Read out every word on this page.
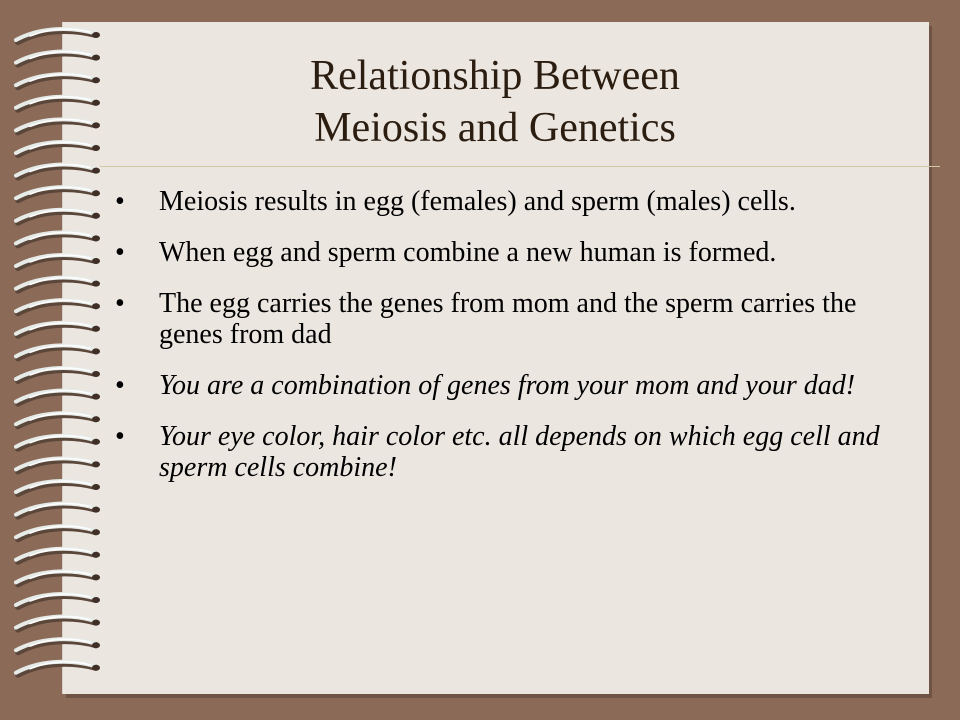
Relationship Between
Meiosis and Genetics
• Meiosis results in egg (females) and sperm (males) cells.
• When egg and sperm combine a new human is formed.
• The egg carries the genes from mom and the sperm carries the genes from dad
• You are a combination of genes from your mom and your dad!
• Your eye color, hair color etc. all depends on which egg cell and sperm cells combine!
